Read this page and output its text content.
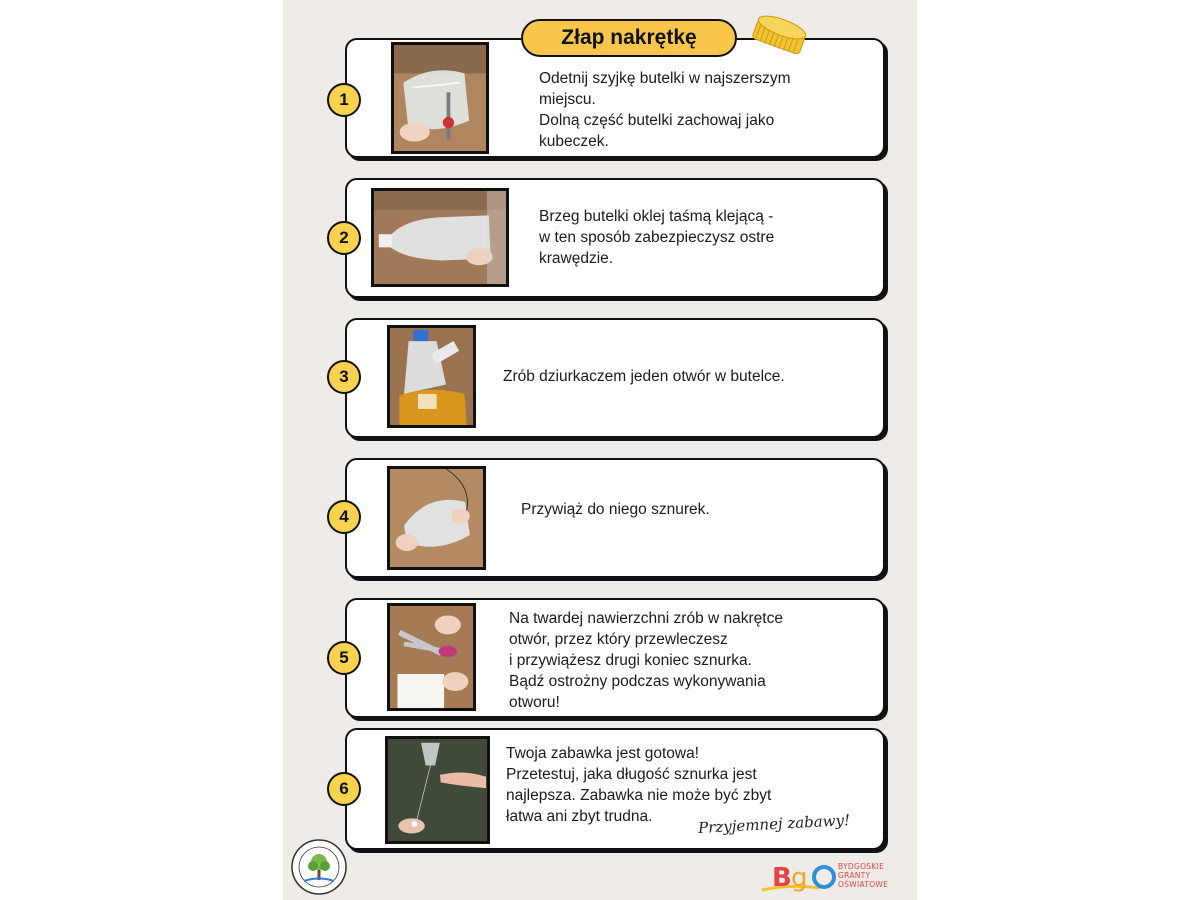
Złap nakrętkę
1
2
3
4
5
6
Odetnij szyjkę butelki w najszerszym
miejscu.
Dolną część butelki zachowaj jako
kubeczek.
Brzeg butelki oklej taśmą klejącą -
w ten sposób zabezpieczysz ostre
krawędzie.
Zrób dziurkaczem jeden otwór w butelce.
Przywiąż do niego sznurek.
Na twardej nawierzchni zrób w nakrętce
otwór, przez który przewleczesz
i przywiążesz drugi koniec sznurka.
Bądź ostrożny podczas wykonywania
otworu!
Twoja zabawka jest gotowa!
Przetestuj, jaka długość sznurka jest
najlepsza. Zabawka nie może być zbyt
łatwa ani zbyt trudna.	Przyjemnej zabawy!
B g	BYDGOSKIE
GRANTY
OŚWIATOWE
